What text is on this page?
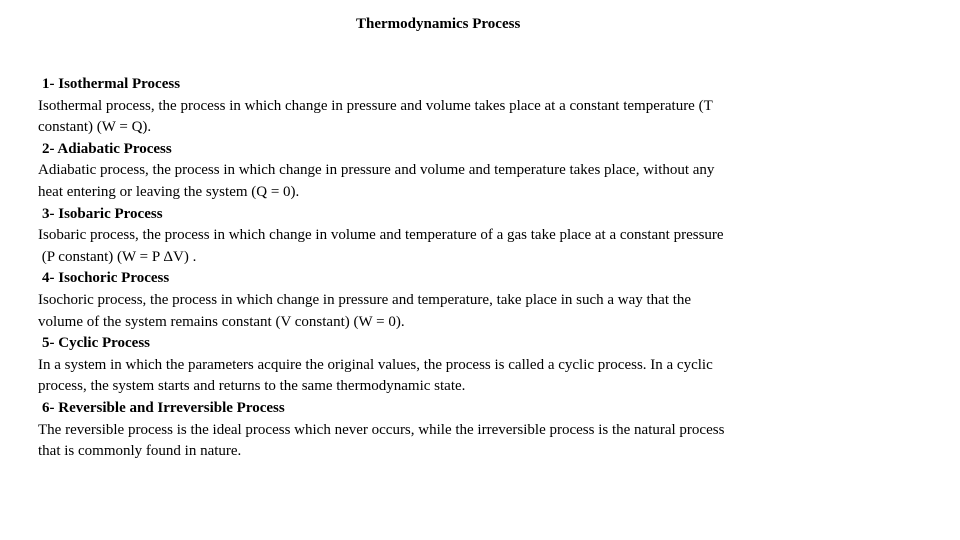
Thermodynamics Process
1- Isothermal Process
Isothermal process, the process in which change in pressure and volume takes place at a constant temperature (T
constant) (W = Q).
2- Adiabatic Process
Adiabatic process, the process in which change in pressure and volume and temperature takes place, without any
heat entering or leaving the system (Q = 0).
3- Isobaric Process
Isobaric process, the process in which change in volume and temperature of a gas take place at a constant pressure
(P constant) (W = P ΔV) .
4- Isochoric Process
Isochoric process, the process in which change in pressure and temperature, take place in such a way that the
volume of the system remains constant (V constant) (W = 0).
5- Cyclic Process
In a system in which the parameters acquire the original values, the process is called a cyclic process. In a cyclic
process, the system starts and returns to the same thermodynamic state.
6- Reversible and Irreversible Process
The reversible process is the ideal process which never occurs, while the irreversible process is the natural process
that is commonly found in nature.
